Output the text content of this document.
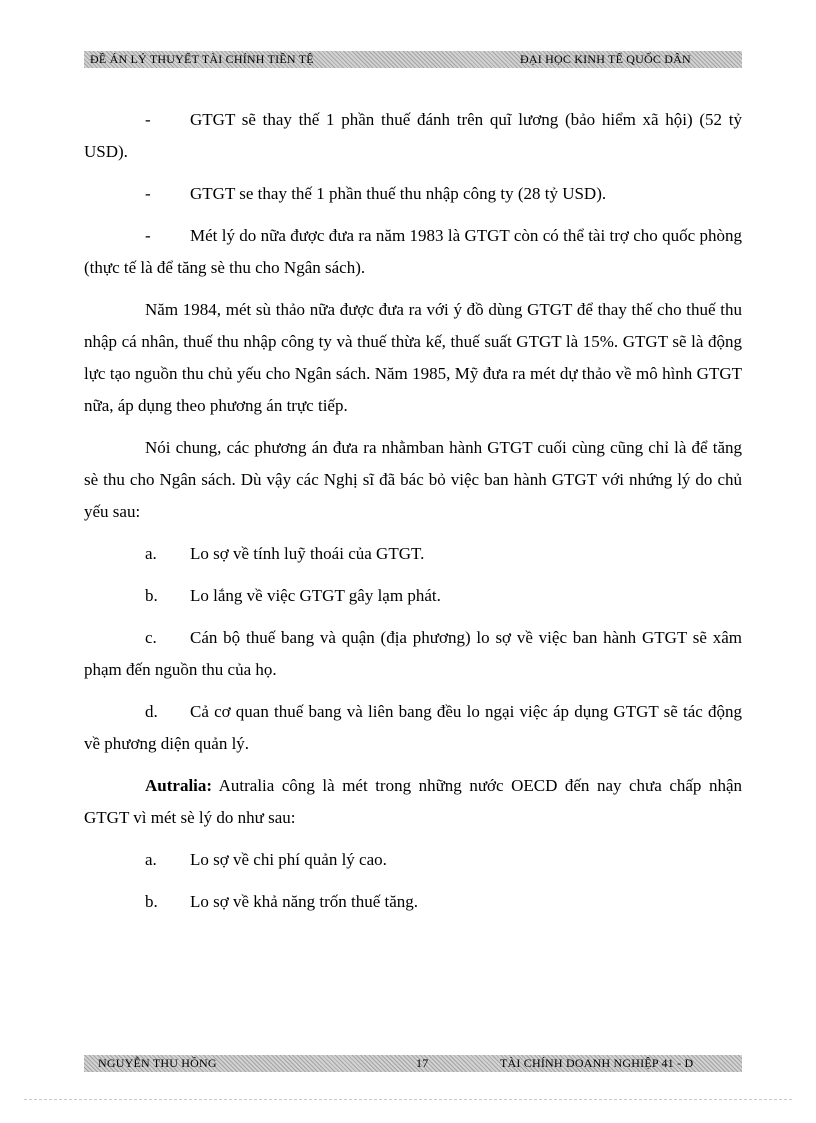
ĐỀ ÁN LÝ THUYẾT TÀI CHÍNH TIỀN TỆ	ĐẠI HỌC KINH TẾ QUỐC DÂN

- GTGT sẽ thay thế 1 phần thuế đánh trên quĩ lương (bảo hiểm xã hội) (52 tỷ USD).

- GTGT se thay thế 1 phần thuế thu nhập công ty (28 tỷ USD).

- Mét lý do nữa được đưa ra năm 1983 là GTGT còn có thể tài trợ cho quốc phòng (thực tế là để tăng sè thu cho Ngân sách).

Năm 1984, mét sù thảo nữa được đưa ra với ý đồ dùng GTGT để thay thế cho thuế thu nhập cá nhân, thuế thu nhập công ty và thuế thừa kế, thuế suất GTGT là 15%. GTGT sẽ là động lực tạo nguồn thu chủ yếu cho Ngân sách. Năm 1985, Mỹ đưa ra mét dự thảo về mô hình GTGT nữa, áp dụng theo phương án trực tiếp.

Nói chung, các phương án đưa ra nhằmban hành GTGT cuối cùng cũng chỉ là để tăng sè thu cho Ngân sách. Dù vậy các Nghị sĩ đã bác bỏ việc ban hành GTGT với nhứng lý do chủ yếu sau:

a. Lo sợ về tính luỹ thoái của GTGT.

b. Lo lắng về việc GTGT gây lạm phát.

c. Cán bộ thuế bang và quận (địa phương) lo sợ về việc ban hành GTGT sẽ xâm phạm đến nguồn thu của họ.

d. Cả cơ quan thuế bang và liên bang đều lo ngại việc áp dụng GTGT sẽ tác động về phương diện quản lý.

Autralia: Autralia công là mét trong những nước OECD đến nay chưa chấp nhận GTGT vì mét sè lý do như sau:

a. Lo sợ về chi phí quản lý cao.

b. Lo sợ về khả năng trốn thuế tăng.

NGUYỄN THU HỒNG	17	TÀI CHÍNH DOANH NGHIỆP 41 - D
